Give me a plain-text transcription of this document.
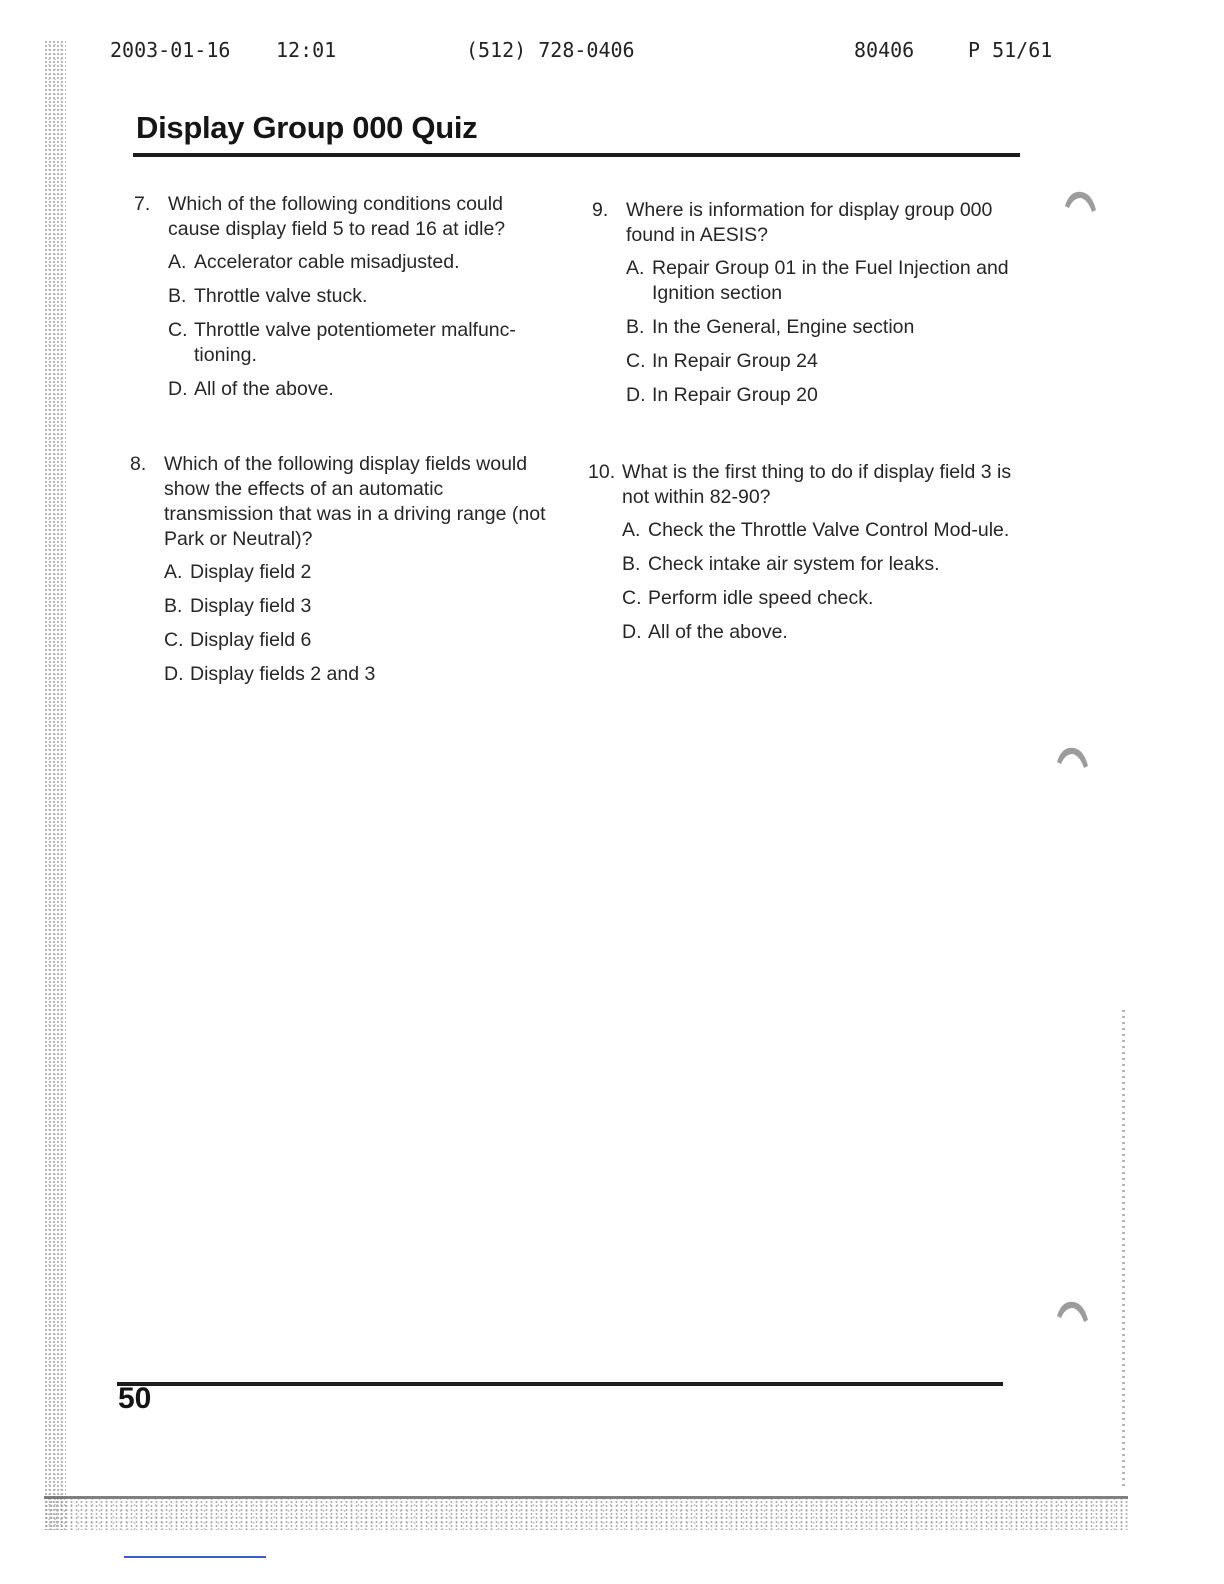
2003-01-16 12:01	(512) 728-0406	80406	P 51/61
Display Group 000 Quiz
7. Which of the following conditions could cause display field 5 to read 16 at idle?
A. Accelerator cable misadjusted.
B. Throttle valve stuck.
C. Throttle valve potentiometer malfunc-tioning.
D. All of the above.
8. Which of the following display fields would show the effects of an automatic transmission that was in a driving range (not Park or Neutral)?
A. Display field 2
B. Display field 3
C. Display field 6
D. Display fields 2 and 3
9. Where is information for display group 000 found in AESIS?
A. Repair Group 01 in the Fuel Injection and Ignition section
B. In the General, Engine section
C. In Repair Group 24
D. In Repair Group 20
10. What is the first thing to do if display field 3 is not within 82-90?
A. Check the Throttle Valve Control Mod-ule.
B. Check intake air system for leaks.
C. Perform idle speed check.
D. All of the above.
50
